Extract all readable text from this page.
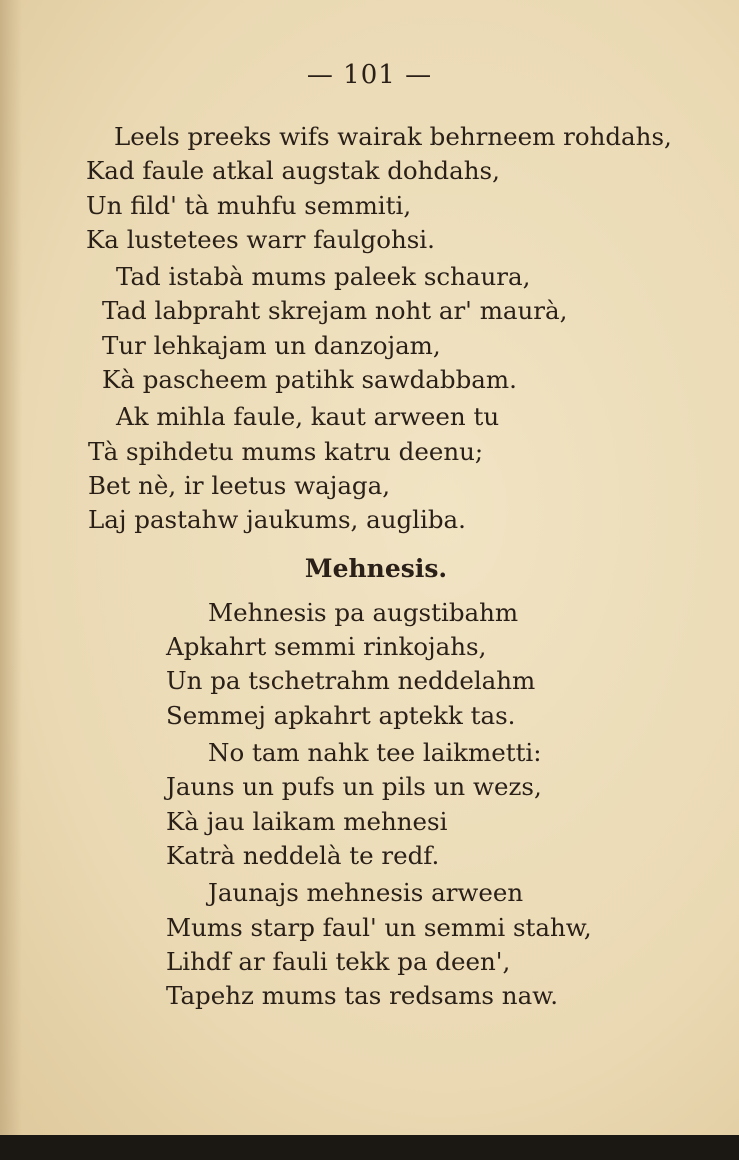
— 101 —
Leels preeks wifs wairak behrneem rohdahs,
Kad faule atkal augstak dohdahs,
Un fild' tà muhfu semmiti,
Ka lustetees warr faulgohsi.
Tad istabà mums paleek schaura,
Tad labpraht skrejam noht ar' maurà,
Tur lehkajam un danzojam,
Kà pascheem patihk sawdabbam.
Ak mihla faule, kaut arween tu
Tà spihdetu mums katru deenu;
Bet nè, ir leetus wajaga,
Laj pastahw jaukums, augliba.
Mehnesis.
Mehnesis pa augstibahm
Apkahrt semmi rinkojahs,
Un pa tschetrahm neddelahm
Semmej apkahrt aptekk tas.
No tam nahk tee laikmetti:
Jauns un pufs un pils un wezs,
Kà jau laikam mehnesi
Katrà neddelà te redf.
Jaunajs mehnesis arween
Mums starp faul' un semmi stahw,
Lihdf ar fauli tekk pa deen',
Tapehz mums tas redsams naw.
